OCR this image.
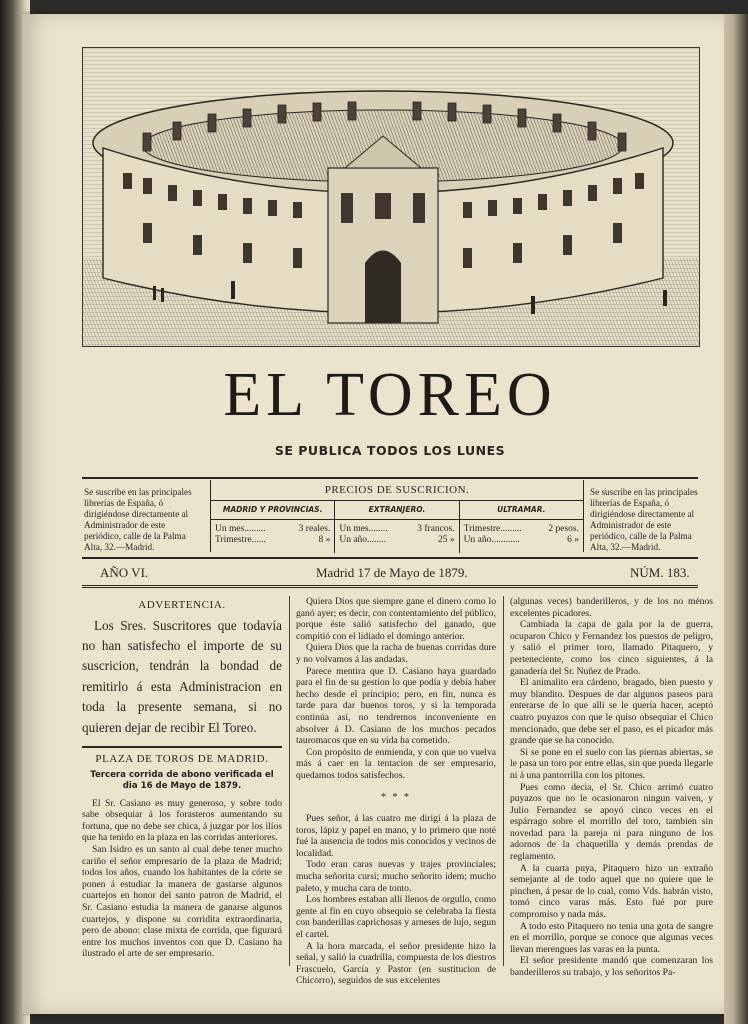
EL TOREO
SE PUBLICA TODOS LOS LUNES
Se suscribe en las principales librerías de España, ó dirigiéndose directamente al Administrador de este periódico, calle de la Palma Alta, 32.—Madrid.
Se suscribe en las principales librerías de España, ó dirigiéndose directamente al Administrador de este periódico, calle de la Palma Alta, 32.—Madrid.
PRECIOS DE SUSCRICION.
MADRID Y PROVINCIAS.
Un mes.........	3 reales.
Trimestre......	8 »
EXTRANJERO.
Un mes........	3 francos.
Un año........	25 »
ULTRAMAR.
Trimestre.........	2 pesos.
Un año............	6 »
AÑO VI.	Madrid 17 de Mayo de 1879.	NÚM. 183.
ADVERTENCIA.

Los Sres. Suscritores que todavía no han satisfecho el importe de su suscricion, tendrán la bondad de remitirlo á esta Administracion en toda la presente semana, si no quieren dejar de recibir El Toreo.

PLAZA DE TOROS DE MADRID.
Tercera corrida de abono verificada el dia 16 de Mayo de 1879.

El Sr. Casiano es muy generoso, y sobre todo sabe obsequiar á los forasteros aumentando su fortuna, que no debe ser chica, á juzgar por los ilíos que ha tenido en la plaza en las corridas anteriores.

San Isidro es un santo al cual debe tener mucho cariño el señor empresario de la plaza de Madrid; todos los años, cuando los habitantes de la córte se ponen á estudiar la manera de gastarse algunos cuartejos en honor del santo patron de Madrid, el Sr. Casiano estudia la manera de ganarse algunos cuartejos, y dispone su corridita extraordinaria, pero de abono: clase mixta de corrida, que figurará entre los muchos inventos con que D. Casiano ha ilustrado el arte de ser empresario.

Quiera Dios que siempre gane el dinero como lo ganó ayer; es decir, con contentamiento del público, porque éste salió satisfecho del ganado, que compitió con el lidiado el domingo anterior.

Quiera Dios que la racha de buenas corridas dure y no volvamos á las andadas.

Parece mentira que D. Casiano haya guardado para el fin de su gestion lo que podía y debía haber hecho desde el principio; pero, en fin, nunca es tarde para dar buenos toros, y si la temporada continúa así, no tendremos inconveniente en absolver á D. Casiano de los muchos pecados tauromacos que en su vida ha cometido.

Con propósito de enmienda, y con que no vuelva más á caer en la tentacion de ser empresario, quedamos todos satisfechos.

* * *

Pues señor, á las cuatro me dirigí á la plaza de toros, lápiz y papel en mano, y lo primero que noté fué la ausencia de todos mis conocidos y vecinos de localidad.

Todo eran caras nuevas y trajes provinciales; mucha señorita cursi; mucho señorito idem; mucho paleto, y mucha cara de tonto.

Los hombres estaban allí llenos de orgullo, como gente al fin en cuyo obsequio se celebraba la fiesta con banderillas caprichosas y arneses de lujo, segun el cartel.

A la hora marcada, el señor presidente hizo la señal, y salió la cuadrilla, compuesta de los diestros Frascuelo, García y Pastor (en sustitucion de Chicorro), seguidos de sus excelentes

(algunas veces) banderilleros, y de los no ménos excelentes picadores.

Cambiada la capa de gala por la de guerra, ocuparon Chico y Fernandez los puestos de peligro, y salió el primer toro, llamado Pitaquero, y perteneciente, como los cinco siguientes, á la ganadería del Sr. Nuñez de Prado.

El animalito era cárdeno, bragado, bien puesto y muy blandito. Despues de dar algunos paseos para enterarse de lo que allí se le quería hacer, aceptó cuatro puyazos con que le quiso obsequiar el Chico mencionado, que debe ser el paso, es el picador más grande que se ha conocido.

Si se pone en el suelo con las piernas abiertas, se le pasa un toro por entre ellas, sin que pueda llegarle ni á una pantorrilla con los pitones.

Pues como decia, el Sr. Chico arrimó cuatro puyazos que no le ocasionaron ningun vaiven, y Julio Fernandez se apoyó cinco veces en el espárrago sobre el morrillo del toro, tambien sin novedad para la pareja ni para ninguno de los adornos de la chaquetilla y demás prendas de reglamento.

A la cuarta puya, Pitaquero hizo un extraño semejante al de todo aquel que no quiere que le pinchen, á pesar de lo cual, como Vds. habrán visto, tomó cinco varas más. Esto fué por pure compromiso y nada más.

A todo esto Pitaquero no tenia una gota de sangre en el morrillo, porque se conoce que algunas veces llevan merengues las varas en la punta.

El señor presidente mandó que comenzaran los banderilleros su trabajo, y los señoritos Pa-
